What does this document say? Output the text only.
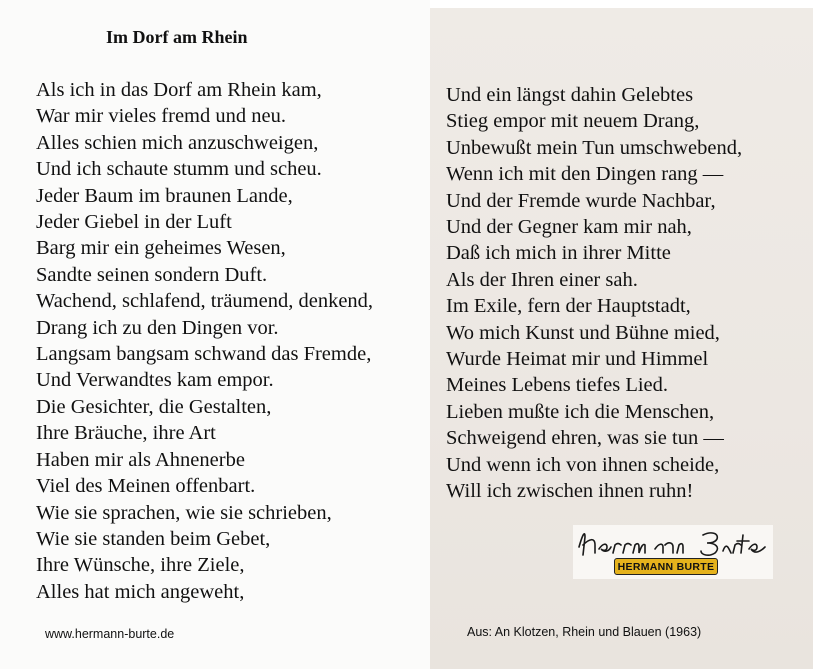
Im Dorf am Rhein
Als ich in das Dorf am Rhein kam,
War mir vieles fremd und neu.
Alles schien mich anzuschweigen,
Und ich schaute stumm und scheu.
Jeder Baum im braunen Lande,
Jeder Giebel in der Luft
Barg mir ein geheimes Wesen,
Sandte seinen sondern Duft.
Wachend, schlafend, träumend, denkend,
Drang ich zu den Dingen vor.
Langsam bangsam schwand das Fremde,
Und Verwandtes kam empor.
Die Gesichter, die Gestalten,
Ihre Bräuche, ihre Art
Haben mir als Ahnenerbe
Viel des Meinen offenbart.
Wie sie sprachen, wie sie schrieben,
Wie sie standen beim Gebet,
Ihre Wünsche, ihre Ziele,
Alles hat mich angeweht,
Und ein längst dahin Gelebtes
Stieg empor mit neuem Drang,
Unbewußt mein Tun umschwebend,
Wenn ich mit den Dingen rang —
Und der Fremde wurde Nachbar,
Und der Gegner kam mir nah,
Daß ich mich in ihrer Mitte
Als der Ihren einer sah.
Im Exile, fern der Hauptstadt,
Wo mich Kunst und Bühne mied,
Wurde Heimat mir und Himmel
Meines Lebens tiefes Lied.
Lieben mußte ich die Menschen,
Schweigend ehren, was sie tun —
Und wenn ich von ihnen scheide,
Will ich zwischen ihnen ruhn!
HERMANN BURTE
www.hermann-burte.de	Aus: An Klotzen, Rhein und Blauen (1963)
